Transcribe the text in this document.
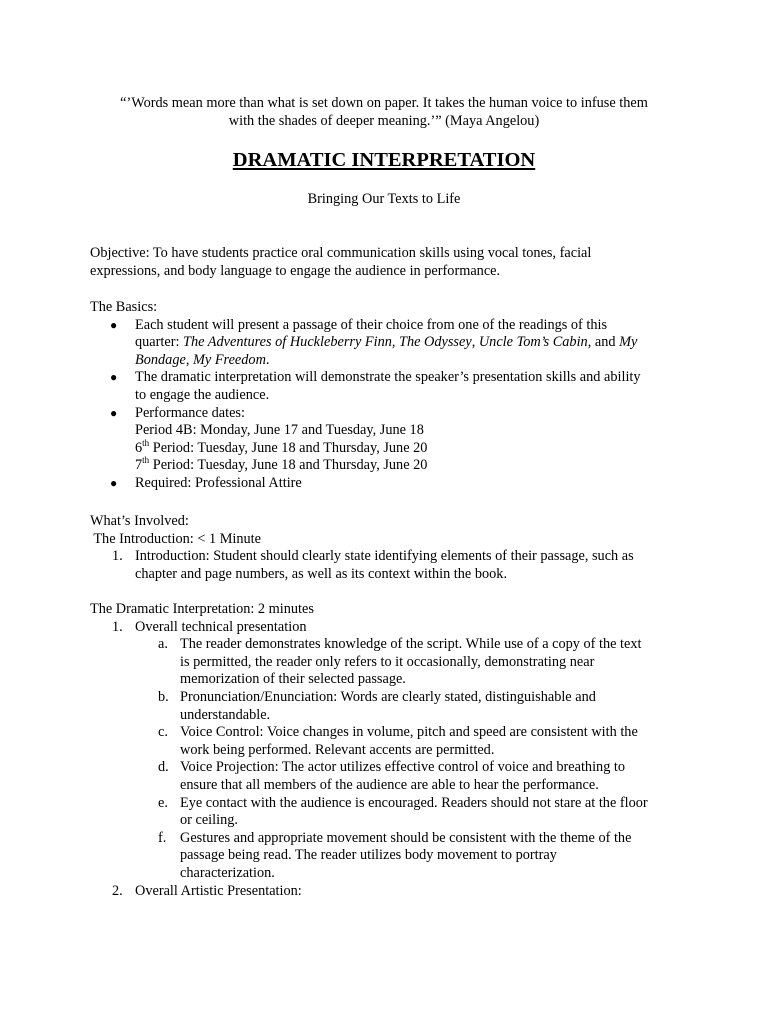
“’Words mean more than what is set down on paper. It takes the human voice to infuse them
with the shades of deeper meaning.’” (Maya Angelou)
DRAMATIC INTERPRETATION
Bringing Our Texts to Life
Objective: To have students practice oral communication skills using vocal tones, facial
expressions, and body language to engage the audience in performance.
The Basics:
● Each student will present a passage of their choice from one of the readings of this
quarter: The Adventures of Huckleberry Finn, The Odyssey, Uncle Tom’s Cabin, and My
Bondage, My Freedom.
● The dramatic interpretation will demonstrate the speaker’s presentation skills and ability
to engage the audience.
● Performance dates:
Period 4B: Monday, June 17 and Tuesday, June 18
6th Period: Tuesday, June 18 and Thursday, June 20
7th Period: Tuesday, June 18 and Thursday, June 20
● Required: Professional Attire
What’s Involved:
The Introduction: < 1 Minute
1. Introduction: Student should clearly state identifying elements of their passage, such as
chapter and page numbers, as well as its context within the book.
The Dramatic Interpretation: 2 minutes
1. Overall technical presentation
a. The reader demonstrates knowledge of the script. While use of a copy of the text
is permitted, the reader only refers to it occasionally, demonstrating near
memorization of their selected passage.
b. Pronunciation/Enunciation: Words are clearly stated, distinguishable and
understandable.
c. Voice Control: Voice changes in volume, pitch and speed are consistent with the
work being performed. Relevant accents are permitted.
d. Voice Projection: The actor utilizes effective control of voice and breathing to
ensure that all members of the audience are able to hear the performance.
e. Eye contact with the audience is encouraged. Readers should not stare at the floor
or ceiling.
f. Gestures and appropriate movement should be consistent with the theme of the
passage being read. The reader utilizes body movement to portray
characterization.
2. Overall Artistic Presentation:
